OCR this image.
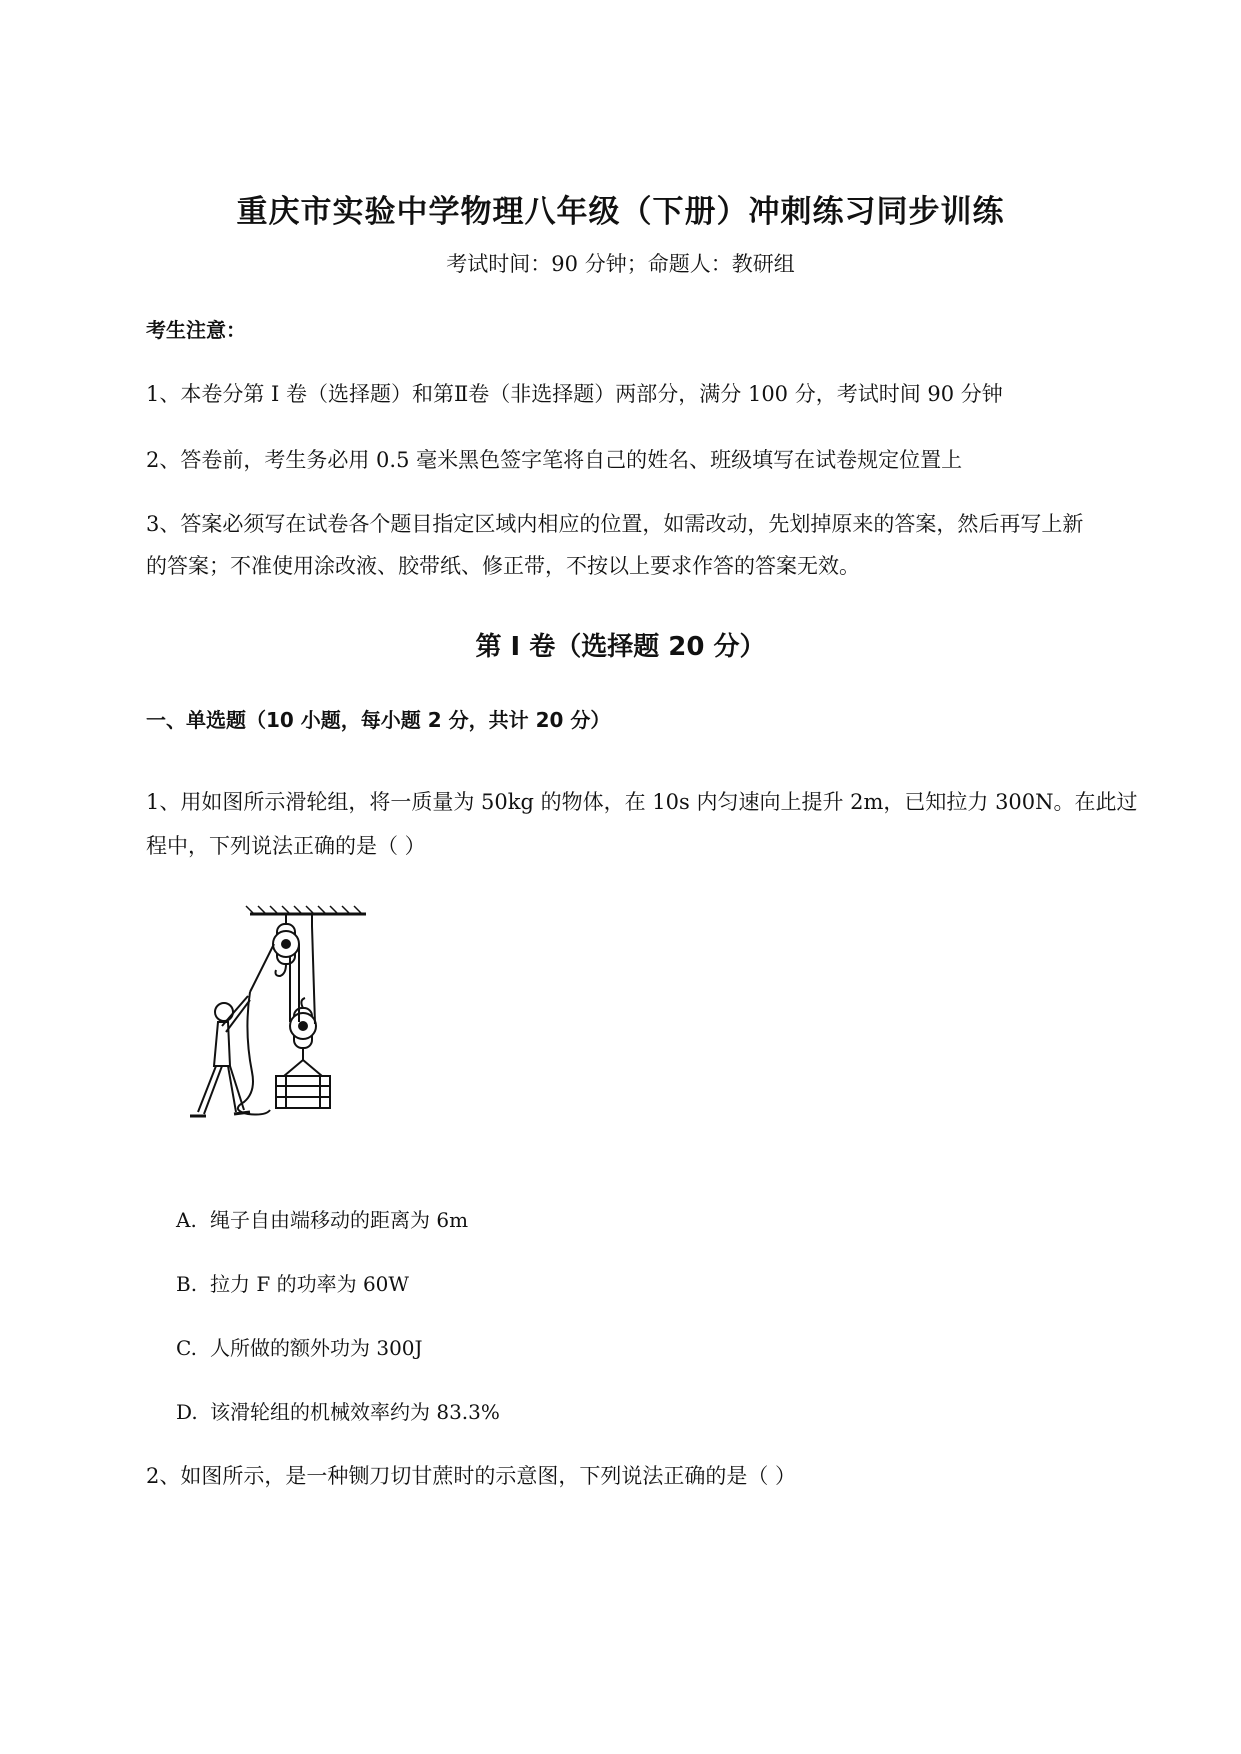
重庆市实验中学物理八年级（下册）冲刺练习同步训练
考试时间：90 分钟；命题人：教研组
考生注意：
1、本卷分第 I 卷（选择题）和第Ⅱ卷（非选择题）两部分，满分 100 分，考试时间 90 分钟
2、答卷前，考生务必用 0.5 毫米黑色签字笔将自己的姓名、班级填写在试卷规定位置上
3、答案必须写在试卷各个题目指定区域内相应的位置，如需改动，先划掉原来的答案，然后再写上新
的答案；不准使用涂改液、胶带纸、修正带，不按以上要求作答的答案无效。
第 I 卷（选择题 20 分）
一、单选题（10 小题，每小题 2 分，共计 20 分）
1、用如图所示滑轮组，将一质量为 50kg 的物体，在 10s 内匀速向上提升 2m，已知拉力 300N。在此过
程中，下列说法正确的是（ ）
A. 绳子自由端移动的距离为 6m
B. 拉力 F 的功率为 60W
C. 人所做的额外功为 300J
D. 该滑轮组的机械效率约为 83.3%
2、如图所示，是一种铡刀切甘蔗时的示意图，下列说法正确的是（ ）
